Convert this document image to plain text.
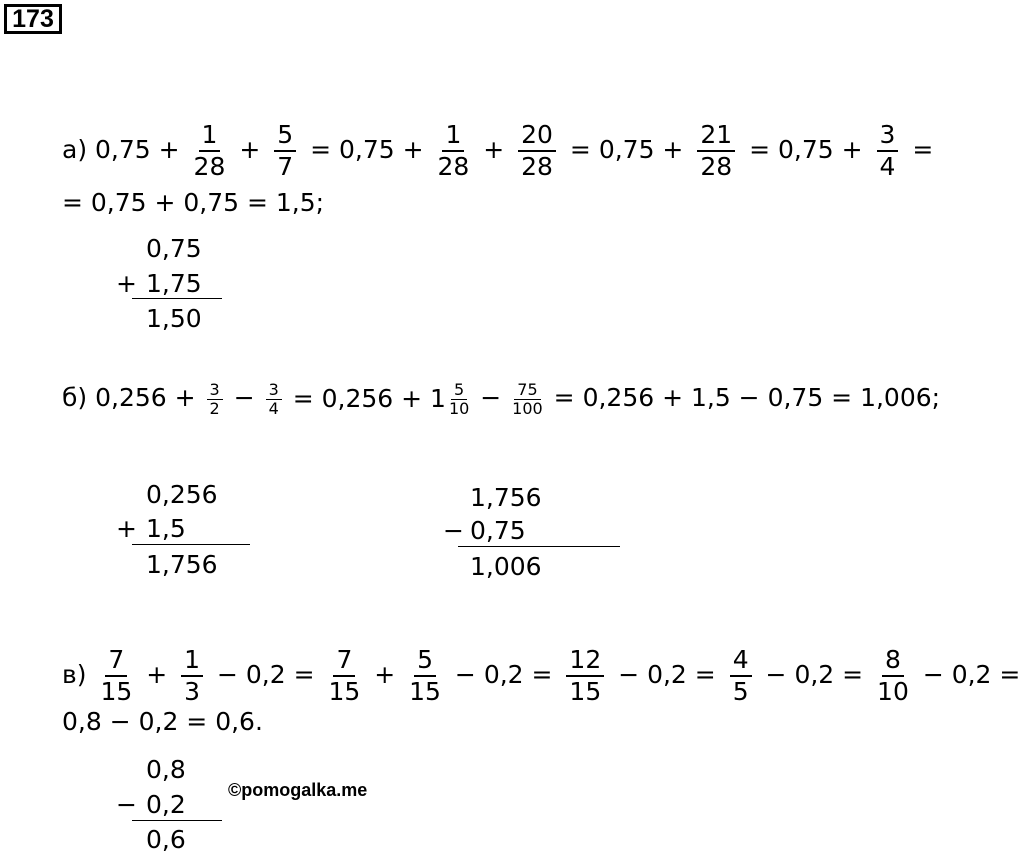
173
а) $0,75 + \frac{1}{28} + \frac{5}{7} = 0,75 + \frac{1}{28} + \frac{20}{28} = 0,75 + \frac{21}{28} = 0,75 + \frac{3}{4}$ =
= 0,75 + 0,75 = 1,5;
0,75
+ 1,75
1,50
б) $0,256 + \frac{3}{2} - \frac{3}{4}$
= $0,256 + 1 \frac{5}{10} - \frac{75}{100} = 0,256 + 1,5 - 0,75 = 1,006$;
0,256
+ 1,5
1,756
1,756
− 0,75
1,006
$в) \frac{7}{15} + \frac{1}{3} - 0,2 = \frac{7}{15} + \frac{5}{15} - 0,2 = \frac{12}{15} - 0,2 = \frac{4}{5} - 0,2 = \frac{8}{10} - 0,2$ =
0,8 − 0,2 = 0,6.
0,8
− 0,2
0,6
©pomogalka.me
